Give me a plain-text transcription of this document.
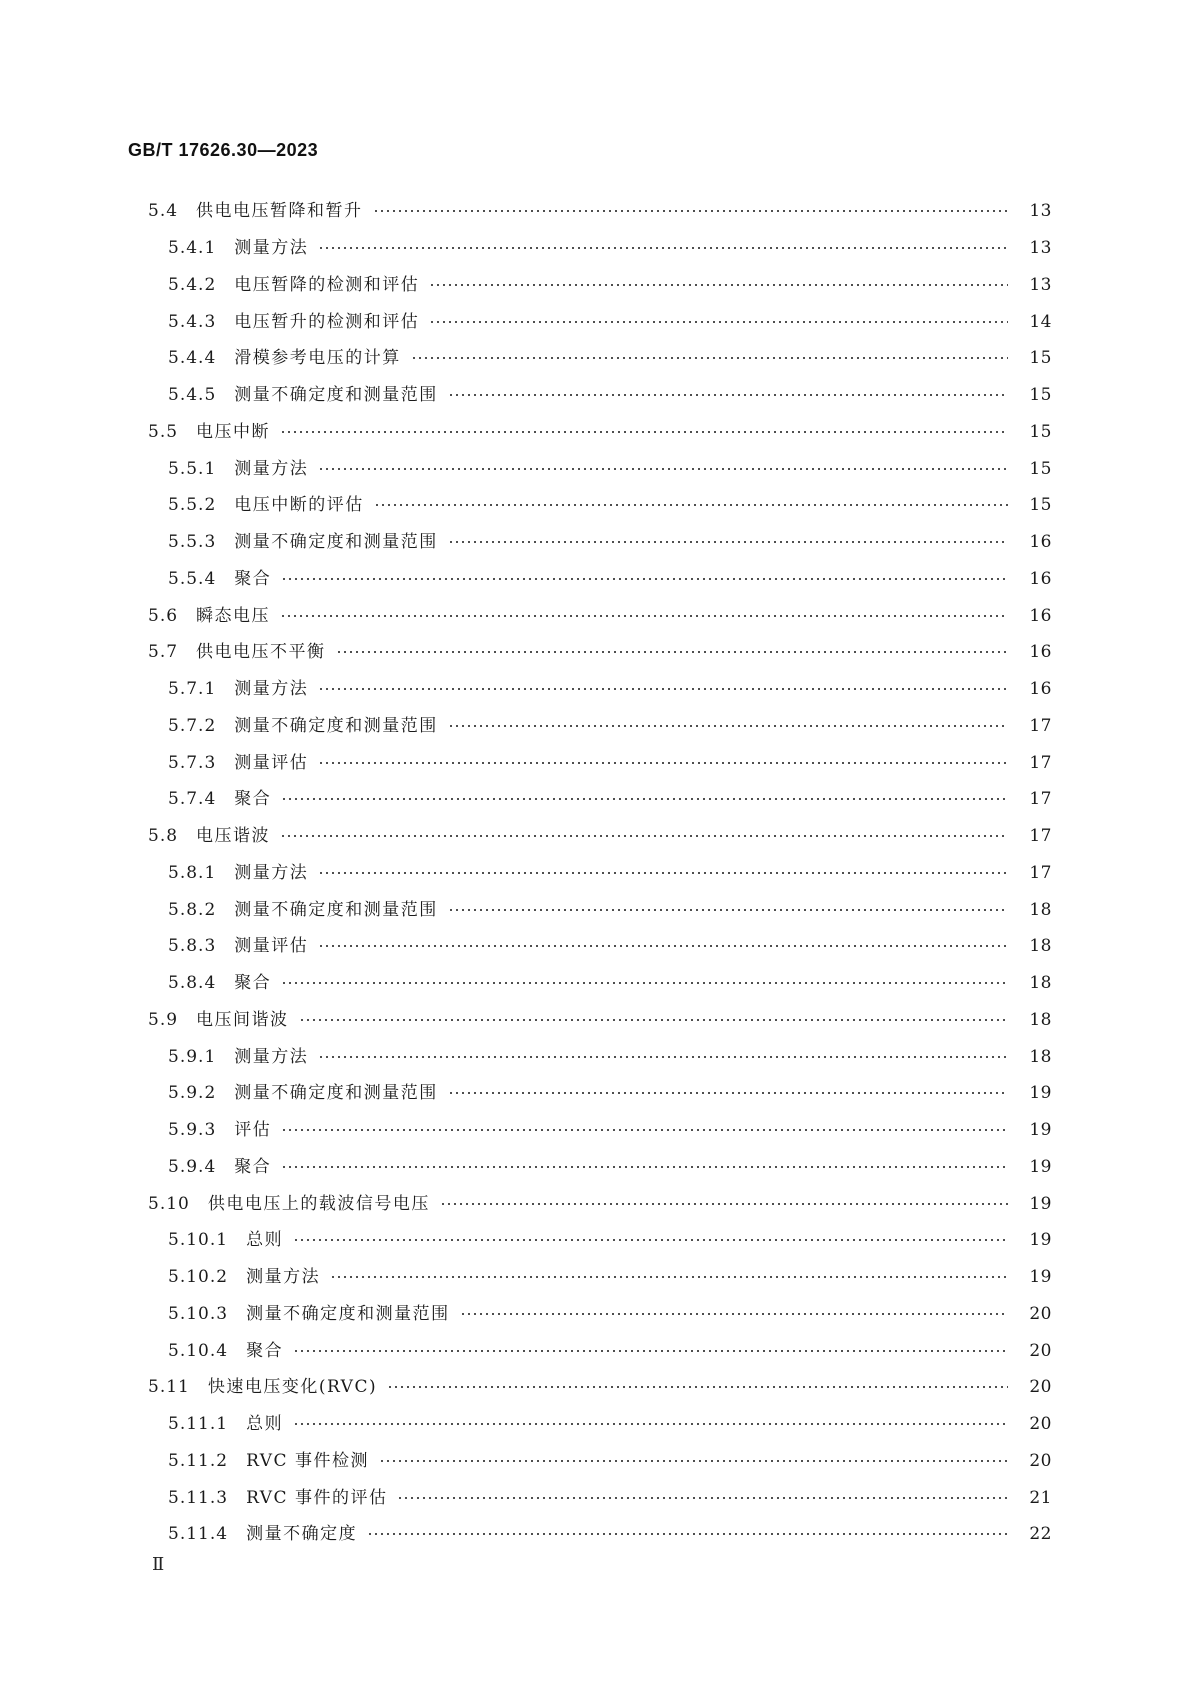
GB/T 17626.30—2023
5.4 供电电压暂降和暂升	13
5.4.1 测量方法	13
5.4.2 电压暂降的检测和评估	13
5.4.3 电压暂升的检测和评估	14
5.4.4 滑模参考电压的计算	15
5.4.5 测量不确定度和测量范围	15
5.5 电压中断	15
5.5.1 测量方法	15
5.5.2 电压中断的评估	15
5.5.3 测量不确定度和测量范围	16
5.5.4 聚合	16
5.6 瞬态电压	16
5.7 供电电压不平衡	16
5.7.1 测量方法	16
5.7.2 测量不确定度和测量范围	17
5.7.3 测量评估	17
5.7.4 聚合	17
5.8 电压谐波	17
5.8.1 测量方法	17
5.8.2 测量不确定度和测量范围	18
5.8.3 测量评估	18
5.8.4 聚合	18
5.9 电压间谐波	18
5.9.1 测量方法	18
5.9.2 测量不确定度和测量范围	19
5.9.3 评估	19
5.9.4 聚合	19
5.10 供电电压上的载波信号电压	19
5.10.1 总则	19
5.10.2 测量方法	19
5.10.3 测量不确定度和测量范围	20
5.10.4 聚合	20
5.11 快速电压变化(RVC)	20
5.11.1 总则	20
5.11.2 RVC 事件检测	20
5.11.3 RVC 事件的评估	21
5.11.4 测量不确定度	22
Ⅱ
